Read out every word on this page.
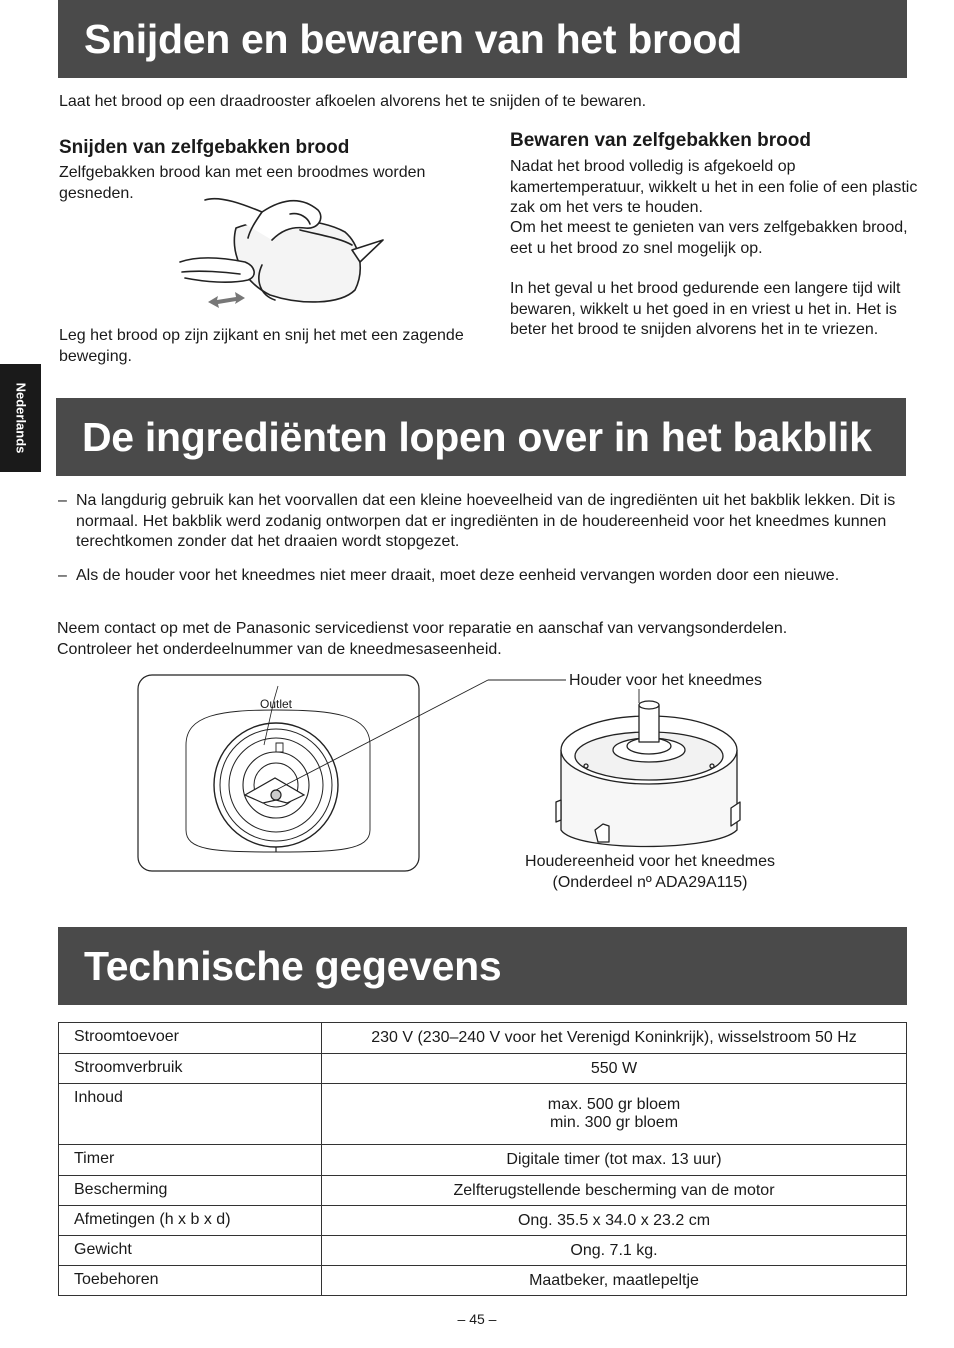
Snijden en bewaren van het brood
Laat het brood op een draadrooster afkoelen alvorens het te snijden of te bewaren.
Snijden van zelfgebakken brood
Zelfgebakken brood kan met een broodmes worden gesneden.
Leg het brood op zijn zijkant en snij het met een zagende beweging.
Bewaren van zelfgebakken brood
Nadat het brood volledig is afgekoeld op kamertemperatuur, wikkelt u het in een folie of een plastic zak om het vers te houden.
Om het meest te genieten van vers zelfgebakken brood, eet u het brood zo snel mogelijk op.
In het geval u het brood gedurende een langere tijd wilt bewaren, wikkelt u het goed in en vriest u het in. Het is beter het brood te snijden alvorens het in te vriezen.
Nederlands	De ingrediënten lopen over in het bakblik
– Na langdurig gebruik kan het voorvallen dat een kleine hoeveelheid van de ingrediënten uit het bakblik lekken. Dit is normaal. Het bakblik werd zodanig ontworpen dat er ingrediënten in de houdereenheid voor het kneedmes kunnen terechtkomen zonder dat het draaien wordt stopgezet.
– Als de houder voor het kneedmes niet meer draait, moet deze eenheid vervangen worden door een nieuwe.
Neem contact op met de Panasonic servicedienst voor reparatie en aanschaf van vervangsonderdelen.
Controleer het onderdeelnummer van de kneedmesaseenheid.
Outlet
Houder voor het kneedmes
Houdereenheid voor het kneedmes
(Onderdeel nº ADA29A115)
Technische gegevens
Stroomtoevoer	230 V (230–240 V voor het Verenigd Koninkrijk), wisselstroom 50 Hz
Stroomverbruik	550 W
Inhoud	max. 500 gr bloem
min. 300 gr bloem

Timer	Digitale timer (tot max. 13 uur)
Bescherming	Zelfterugstellende bescherming van de motor
Afmetingen (h x b x d)	Ong. 35.5 x 34.0 x 23.2 cm
Gewicht	Ong. 7.1 kg.
Toebehoren	Maatbeker, maatlepeltje
– 45 –
